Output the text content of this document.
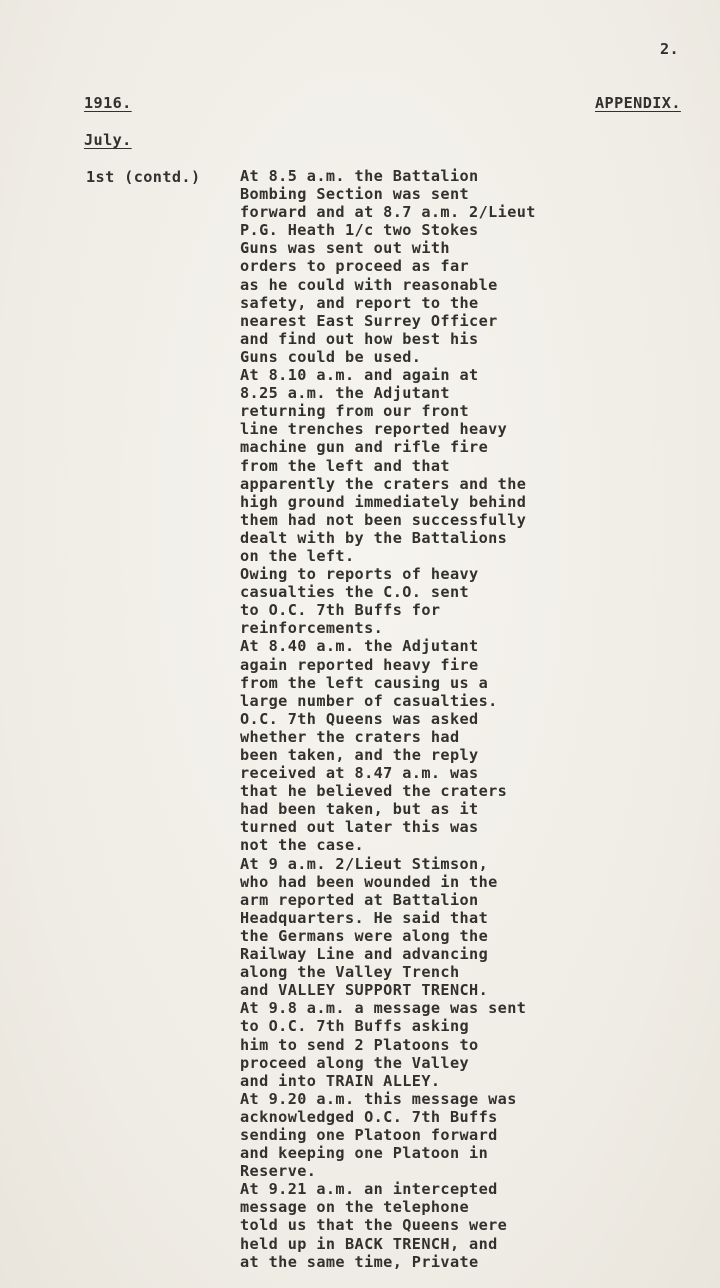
2.
1916.	APPENDIX.
July.
1st (contd.)	At 8.5 a.m. the Battalion
Bombing Section was sent
forward and at 8.7 a.m. 2/Lieut
P.G. Heath 1/c two Stokes
Guns was sent out with
orders to proceed as far
as he could with reasonable
safety, and report to the
nearest East Surrey Officer
and find out how best his
Guns could be used.
At 8.10 a.m. and again at
8.25 a.m. the Adjutant
returning from our front
line trenches reported heavy
machine gun and rifle fire
from the left and that
apparently the craters and the
high ground immediately behind
them had not been successfully
dealt with by the Battalions
on the left.
Owing to reports of heavy
casualties the C.O. sent
to O.C. 7th Buffs for
reinforcements.
At 8.40 a.m. the Adjutant
again reported heavy fire
from the left causing us a
large number of casualties.
O.C. 7th Queens was asked
whether the craters had
been taken, and the reply
received at 8.47 a.m. was
that he believed the craters
had been taken, but as it
turned out later this was
not the case.
At 9 a.m. 2/Lieut Stimson,
who had been wounded in the
arm reported at Battalion
Headquarters. He said that
the Germans were along the
Railway Line and advancing
along the Valley Trench
and VALLEY SUPPORT TRENCH.
At 9.8 a.m. a message was sent
to O.C. 7th Buffs asking
him to send 2 Platoons to
proceed along the Valley
and into TRAIN ALLEY.
At 9.20 a.m. this message was
acknowledged O.C. 7th Buffs
sending one Platoon forward
and keeping one Platoon in
Reserve.
At 9.21 a.m. an intercepted
message on the telephone
told us that the Queens were
held up in BACK TRENCH, and
at the same time, Private
